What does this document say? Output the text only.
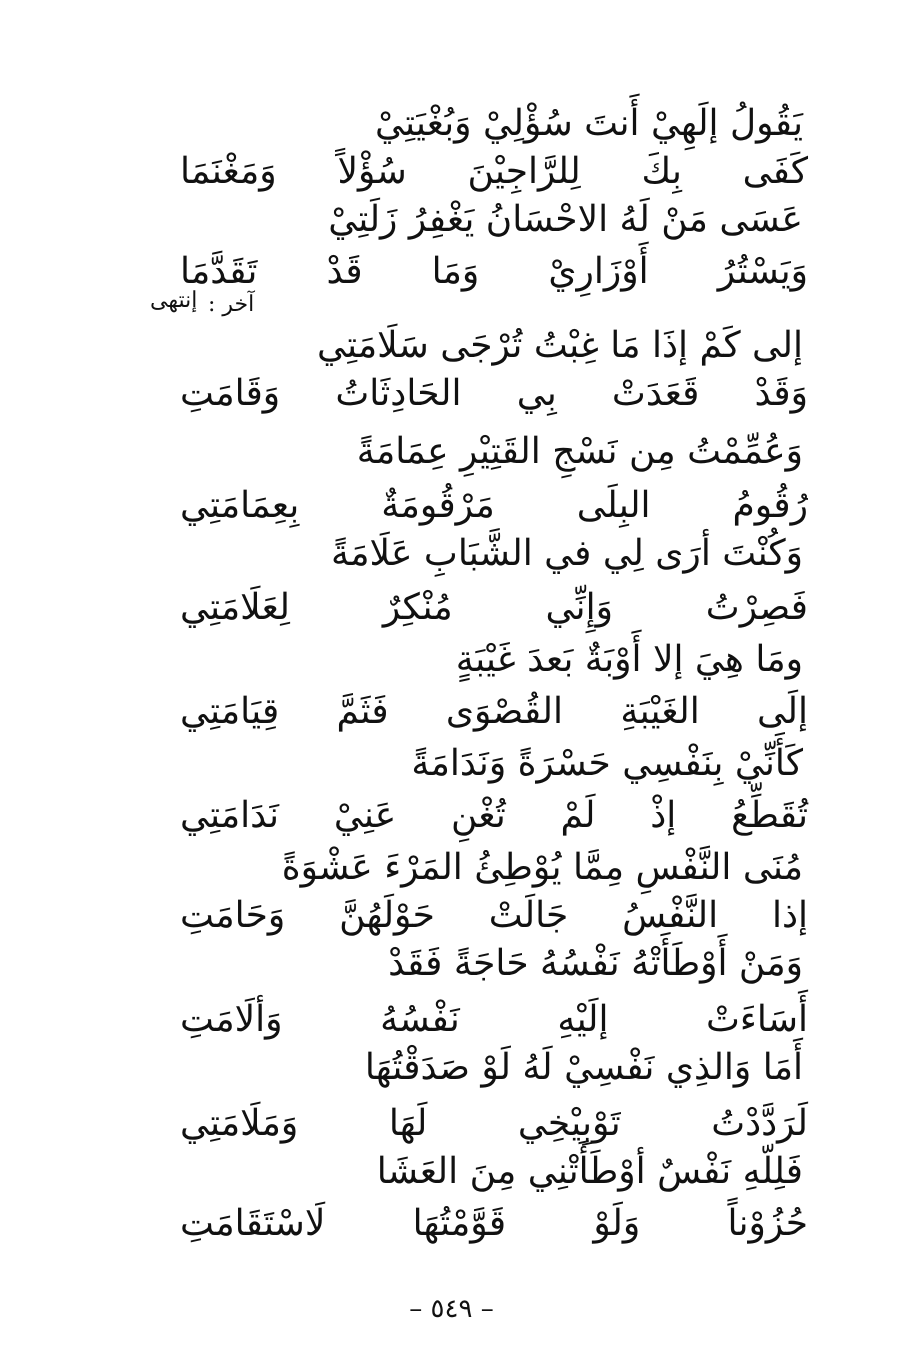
يَقُولُ إلَهِيْ أَنتَ سُؤْلِيْ وَبُغْيَتِيْ
كَفَى بِكَ لِلرَّاجِيْنَ سُؤْلاً وَمَغْنَمَا
عَسَى مَنْ لَهُ الاحْسَانُ يَغْفِرُ زَلَتِيْ
وَيَسْتُرُ أَوْزَارِيْ وَمَا قَدْ تَقَدَّمَا
إنتهى آخر :
إلى كَمْ إذَا مَا غِبْتُ تُرْجَى سَلَامَتِي
وَقَدْ قَعَدَتْ بِي الحَادِثَاتُ وَقَامَتِ
وَعُمِّمْتُ مِن نَسْجِ القَتِيْرِ عِمَامَةً
رُقُومُ البِلَى مَرْقُومَةٌ بِعِمَامَتِي
وَكُنْتَ أرَى لِي في الشَّبَابِ عَلَامَةً
فَصِرْتُ وَإِنِّي مُنْكِرٌ لِعَلَامَتِي
ومَا هِيَ إلا أَوْبَةٌ بَعدَ غَيْبَةٍ
إلَى الغَيْبَةِ القُصْوَى فَثَمَّ قِيَامَتِي
كَأَنِّيْ بِنَفْسِي حَسْرَةً وَنَدَامَةً
تُقَطِّعُ إذْ لَمْ تُغْنِ عَنِيْ نَدَامَتِي
مُنَى النَّفْسِ مِمَّا يُوْطِئُ المَرْءَ عَشْوَةً
إذا النَّفْسُ جَالَتْ حَوْلَهُنَّ وَحَامَتِ
وَمَنْ أَوْطَأَتْهُ نَفْسُهُ حَاجَةً فَقَدْ
أَسَاءَتْ إلَيْهِ نَفْسُهُ وَألَامَتِ
أَمَا وَالذِي نَفْسِيْ لَهُ لَوْ صَدَقْتُهَا
لَرَدَّدْتُ تَوْبِيْخِي لَهَا وَمَلَامَتِي
فَلِلّهِ نَفْسٌ أوْطَأَتْنِي مِنَ العَشَا
حُزُوْناً وَلَوْ قَوَّمْتُهَا لَاسْتَقَامَتِ
– ٥٤٩ –
